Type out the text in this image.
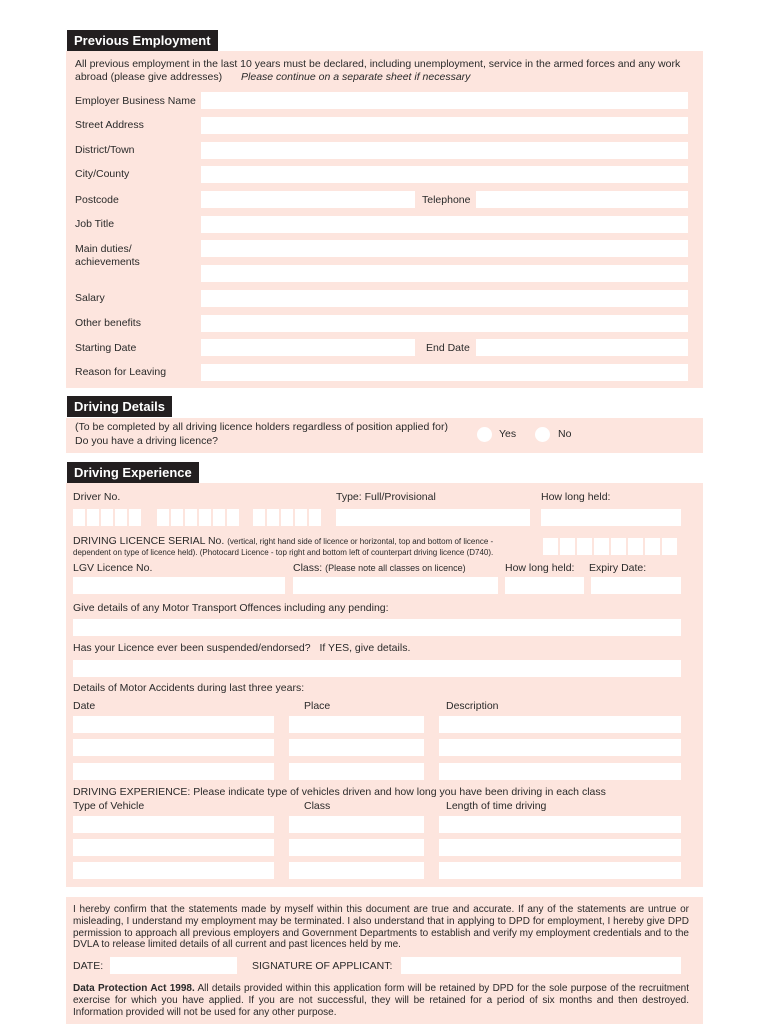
Previous Employment
All previous employment in the last 10 years must be declared, including unemployment, service in the armed forces and any work abroad (please give addresses) Please continue on a separate sheet if necessary
Employer Business Name
Street Address
District/Town
City/County
Postcode	Telephone
Job Title
Main duties/
achievements
Salary
Other benefits
Starting Date	End Date
Reason for Leaving
Driving Details
(To be completed by all driving licence holders regardless of position applied for)
Do you have a driving licence?
Yes	No
Driving Experience
Driver No.	Type: Full/Provisional	How long held:
DRIVING LICENCE SERIAL No. (vertical, right hand side of licence or horizontal, top and bottom of licence -
dependent on type of licence held). (Photocard Licence - top right and bottom left of counterpart driving licence (D740).
LGV Licence No.	Class: (Please note all classes on licence)	How long held: Expiry Date:
Give details of any Motor Transport Offences including any pending:
Has your Licence ever been suspended/endorsed? If YES, give details.
Details of Motor Accidents during last three years:
Date	Place	Description
DRIVING EXPERIENCE: Please indicate type of vehicles driven and how long you have been driving in each class
Type of Vehicle	Class	Length of time driving
I hereby confirm that the statements made by myself within this document are true and accurate. If any of the statements are untrue or misleading, I understand my employment may be terminated. I also understand that in applying to DPD for employment, I hereby give DPD permission to approach all previous employers and Government Departments to establish and verify my employment credentials and to the DVLA to release limited details of all current and past licences held by me.
DATE:	SIGNATURE OF APPLICANT:
Data Protection Act 1998. All details provided within this application form will be retained by DPD for the sole purpose of the recruitment exercise for which you have applied. If you are not successful, they will be retained for a period of six months and then destroyed. Information provided will not be used for any other purpose.
